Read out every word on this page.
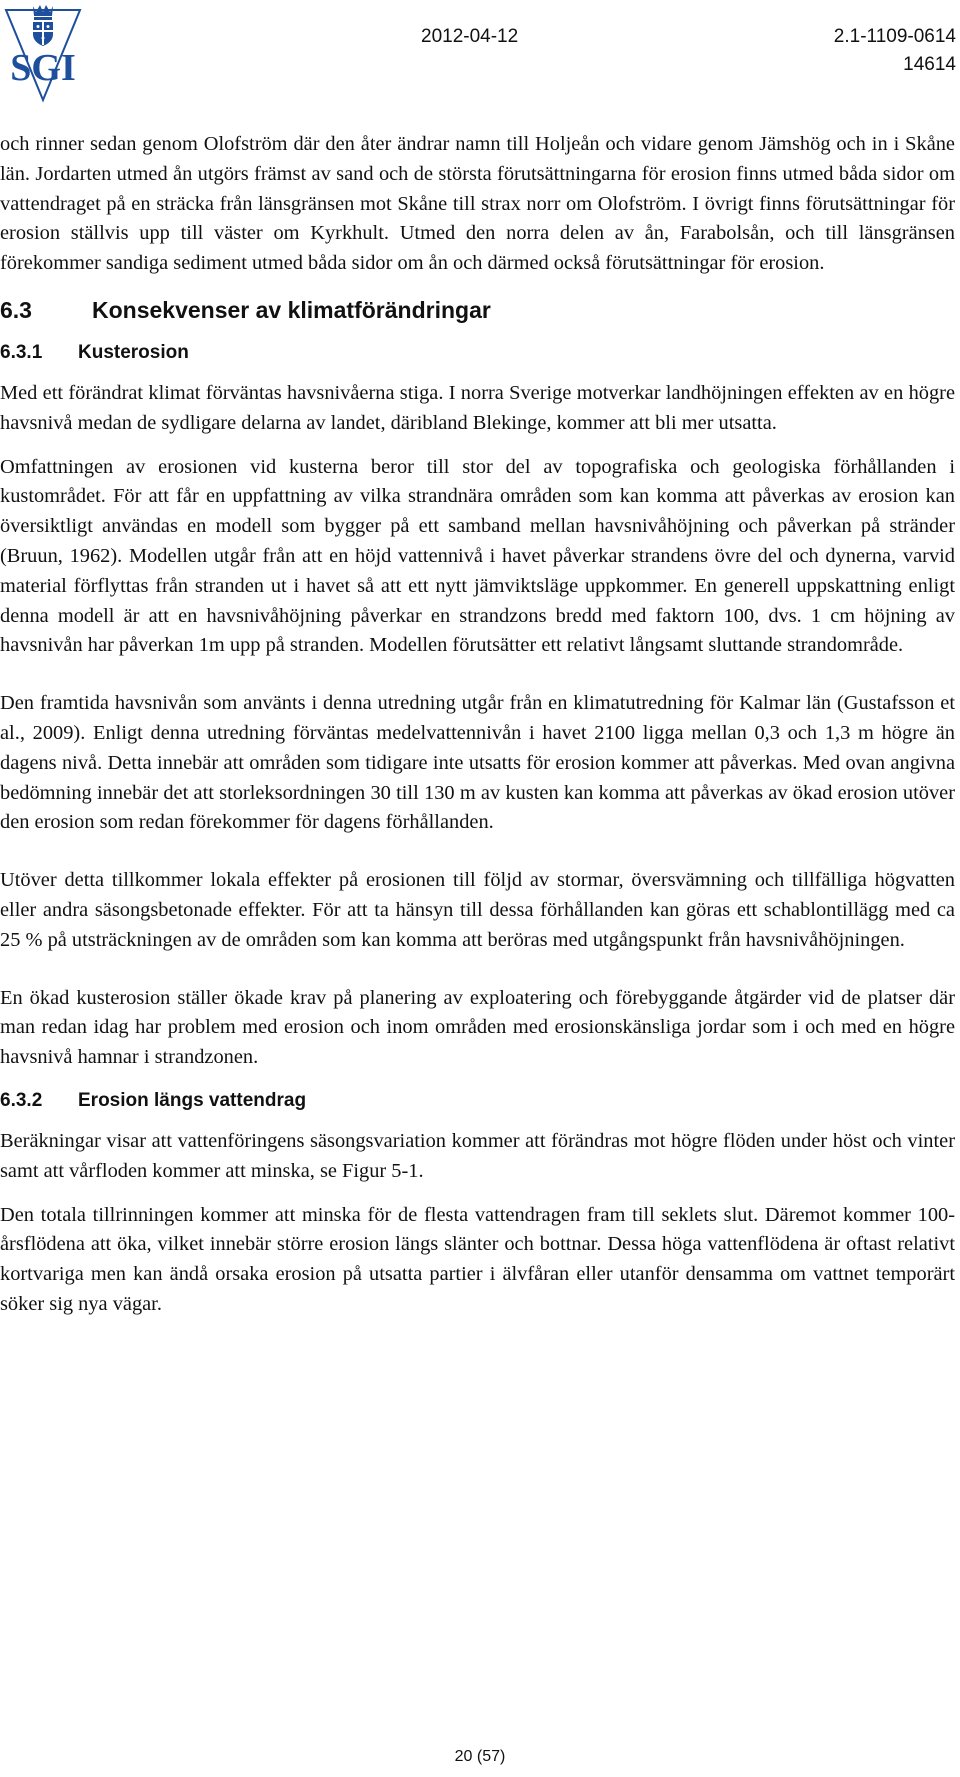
SGI
2012-04-12	2.1-1109-0614
14614

och rinner sedan genom Olofström där den åter ändrar namn till Holjeån och vidare genom Jämshög och in i Skåne län. Jordarten utmed ån utgörs främst av sand och de största förutsättningarna för erosion finns utmed båda sidor om vattendraget på en sträcka från länsgränsen mot Skåne till strax norr om Olofström. I övrigt finns förutsättningar för erosion ställvis upp till väster om Kyrkhult. Utmed den norra delen av ån, Farabolsån, och till länsgränsen förekommer sandiga sediment utmed båda sidor om ån och därmed också förutsättningar för erosion.

6.3	Konsekvenser av klimatförändringar
6.3.1 Kusterosion

Med ett förändrat klimat förväntas havsnivåerna stiga. I norra Sverige motverkar landhöjningen effekten av en högre havsnivå medan de sydligare delarna av landet, däribland Blekinge, kommer att bli mer utsatta.

Omfattningen av erosionen vid kusterna beror till stor del av topografiska och geologiska förhållanden i kustområdet. För att får en uppfattning av vilka strandnära områden som kan komma att påverkas av erosion kan översiktligt användas en modell som bygger på ett samband mellan havsnivåhöjning och påverkan på stränder (Bruun, 1962). Modellen utgår från att en höjd vattennivå i havet påverkar strandens övre del och dynerna, varvid material förflyttas från stranden ut i havet så att ett nytt jämviktsläge uppkommer. En generell uppskattning enligt denna modell är att en havsnivåhöjning påverkar en strandzons bredd med faktorn 100, dvs. 1 cm höjning av havsnivån har påverkan 1m upp på stranden. Modellen förutsätter ett relativt långsamt sluttande strandområde.

Den framtida havsnivån som använts i denna utredning utgår från en klimatutredning för Kalmar län (Gustafsson et al., 2009). Enligt denna utredning förväntas medelvattennivån i havet 2100 ligga mellan 0,3 och 1,3 m högre än dagens nivå. Detta innebär att områden som tidigare inte utsatts för erosion kommer att påverkas. Med ovan angivna bedömning innebär det att storleksordningen 30 till 130 m av kusten kan komma att påverkas av ökad erosion utöver den erosion som redan förekommer för dagens förhållanden.

Utöver detta tillkommer lokala effekter på erosionen till följd av stormar, översvämning och tillfälliga högvatten eller andra säsongsbetonade effekter. För att ta hänsyn till dessa förhållanden kan göras ett schablontillägg med ca 25 % på utsträckningen av de områden som kan komma att beröras med utgångspunkt från havsnivåhöjningen.

En ökad kusterosion ställer ökade krav på planering av exploatering och förebyggande åtgärder vid de platser där man redan idag har problem med erosion och inom områden med erosionskänsliga jordar som i och med en högre havsnivå hamnar i strandzonen.

6.3.2 Erosion längs vattendrag

Beräkningar visar att vattenföringens säsongsvariation kommer att förändras mot högre flöden under höst och vinter samt att vårfloden kommer att minska, se Figur 5-1.

Den totala tillrinningen kommer att minska för de flesta vattendragen fram till seklets slut. Däremot kommer 100-årsflödena att öka, vilket innebär större erosion längs slänter och bottnar. Dessa höga vattenflödena är oftast relativt kortvariga men kan ändå orsaka erosion på utsatta partier i älvfåran eller utanför densamma om vattnet temporärt söker sig nya vägar.

20 (57)
